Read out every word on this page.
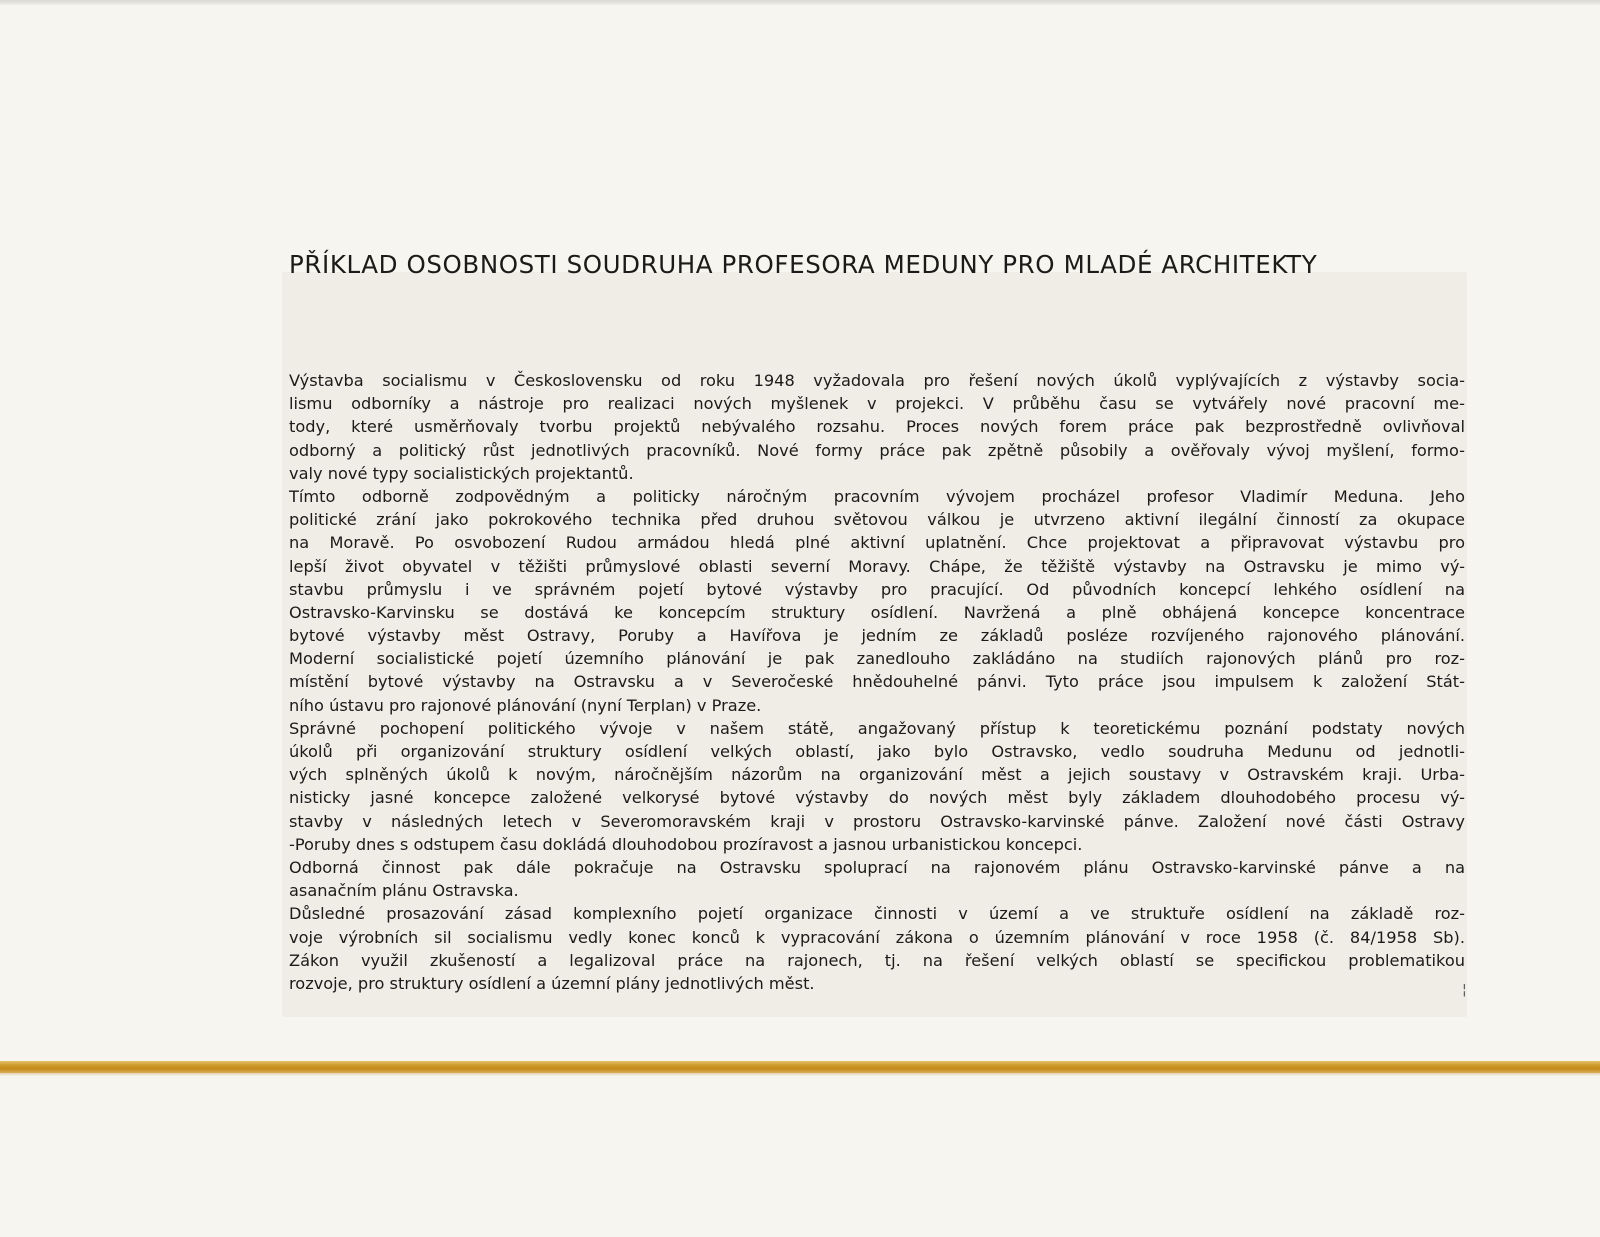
PŘÍKLAD OSOBNOSTI SOUDRUHA PROFESORA MEDUNY PRO MLADÉ ARCHITEKTY
Výstavba socialismu v Československu od roku 1948 vyžadovala pro řešení nových úkolů vyplývajících z výstavby socia-
lismu odborníky a nástroje pro realizaci nových myšlenek v projekci. V průběhu času se vytvářely nové pracovní me-
tody, které usměrňovaly tvorbu projektů nebývalého rozsahu. Proces nových forem práce pak bezprostředně ovlivňoval
odborný a politický růst jednotlivých pracovníků. Nové formy práce pak zpětně působily a ověřovaly vývoj myšlení, formo-
valy nové typy socialistických projektantů.
Tímto odborně zodpovědným a politicky náročným pracovním vývojem procházel profesor Vladimír Meduna. Jeho
politické zrání jako pokrokového technika před druhou světovou válkou je utvrzeno aktivní ilegální činností za okupace
na Moravě. Po osvobození Rudou armádou hledá plné aktivní uplatnění. Chce projektovat a připravovat výstavbu pro
lepší život obyvatel v těžišti průmyslové oblasti severní Moravy. Chápe, že těžiště výstavby na Ostravsku je mimo vý-
stavbu průmyslu i ve správném pojetí bytové výstavby pro pracující. Od původních koncepcí lehkého osídlení na
Ostravsko-Karvinsku se dostává ke koncepcím struktury osídlení. Navržená a plně obhájená koncepce koncentrace
bytové výstavby měst Ostravy, Poruby a Havířova je jedním ze základů posléze rozvíjeného rajonového plánování.
Moderní socialistické pojetí územního plánování je pak zanedlouho zakládáno na studiích rajonových plánů pro roz-
místění bytové výstavby na Ostravsku a v Severočeské hnědouhelné pánvi. Tyto práce jsou impulsem k založení Stát-
ního ústavu pro rajonové plánování (nyní Terplan) v Praze.
Správné pochopení politického vývoje v našem státě, angažovaný přístup k teoretickému poznání podstaty nových
úkolů při organizování struktury osídlení velkých oblastí, jako bylo Ostravsko, vedlo soudruha Medunu od jednotli-
vých splněných úkolů k novým, náročnějším názorům na organizování měst a jejich soustavy v Ostravském kraji. Urba-
nisticky jasné koncepce založené velkorysé bytové výstavby do nových měst byly základem dlouhodobého procesu vý-
stavby v následných letech v Severomoravském kraji v prostoru Ostravsko-karvinské pánve. Založení nové části Ostravy
-Poruby dnes s odstupem času dokládá dlouhodobou prozíravost a jasnou urbanistickou koncepci.
Odborná činnost pak dále pokračuje na Ostravsku spoluprací na rajonovém plánu Ostravsko-karvinské pánve a na
asanačním plánu Ostravska.
Důsledné prosazování zásad komplexního pojetí organizace činnosti v území a ve struktuře osídlení na základě roz-
voje výrobních sil socialismu vedly konec konců k vypracování zákona o územním plánování v roce 1958 (č. 84/1958 Sb).
Zákon využil zkušeností a legalizoval práce na rajonech, tj. na řešení velkých oblastí se specifickou problematikou
rozvoje, pro struktury osídlení a územní plány jednotlivých měst.	¦
